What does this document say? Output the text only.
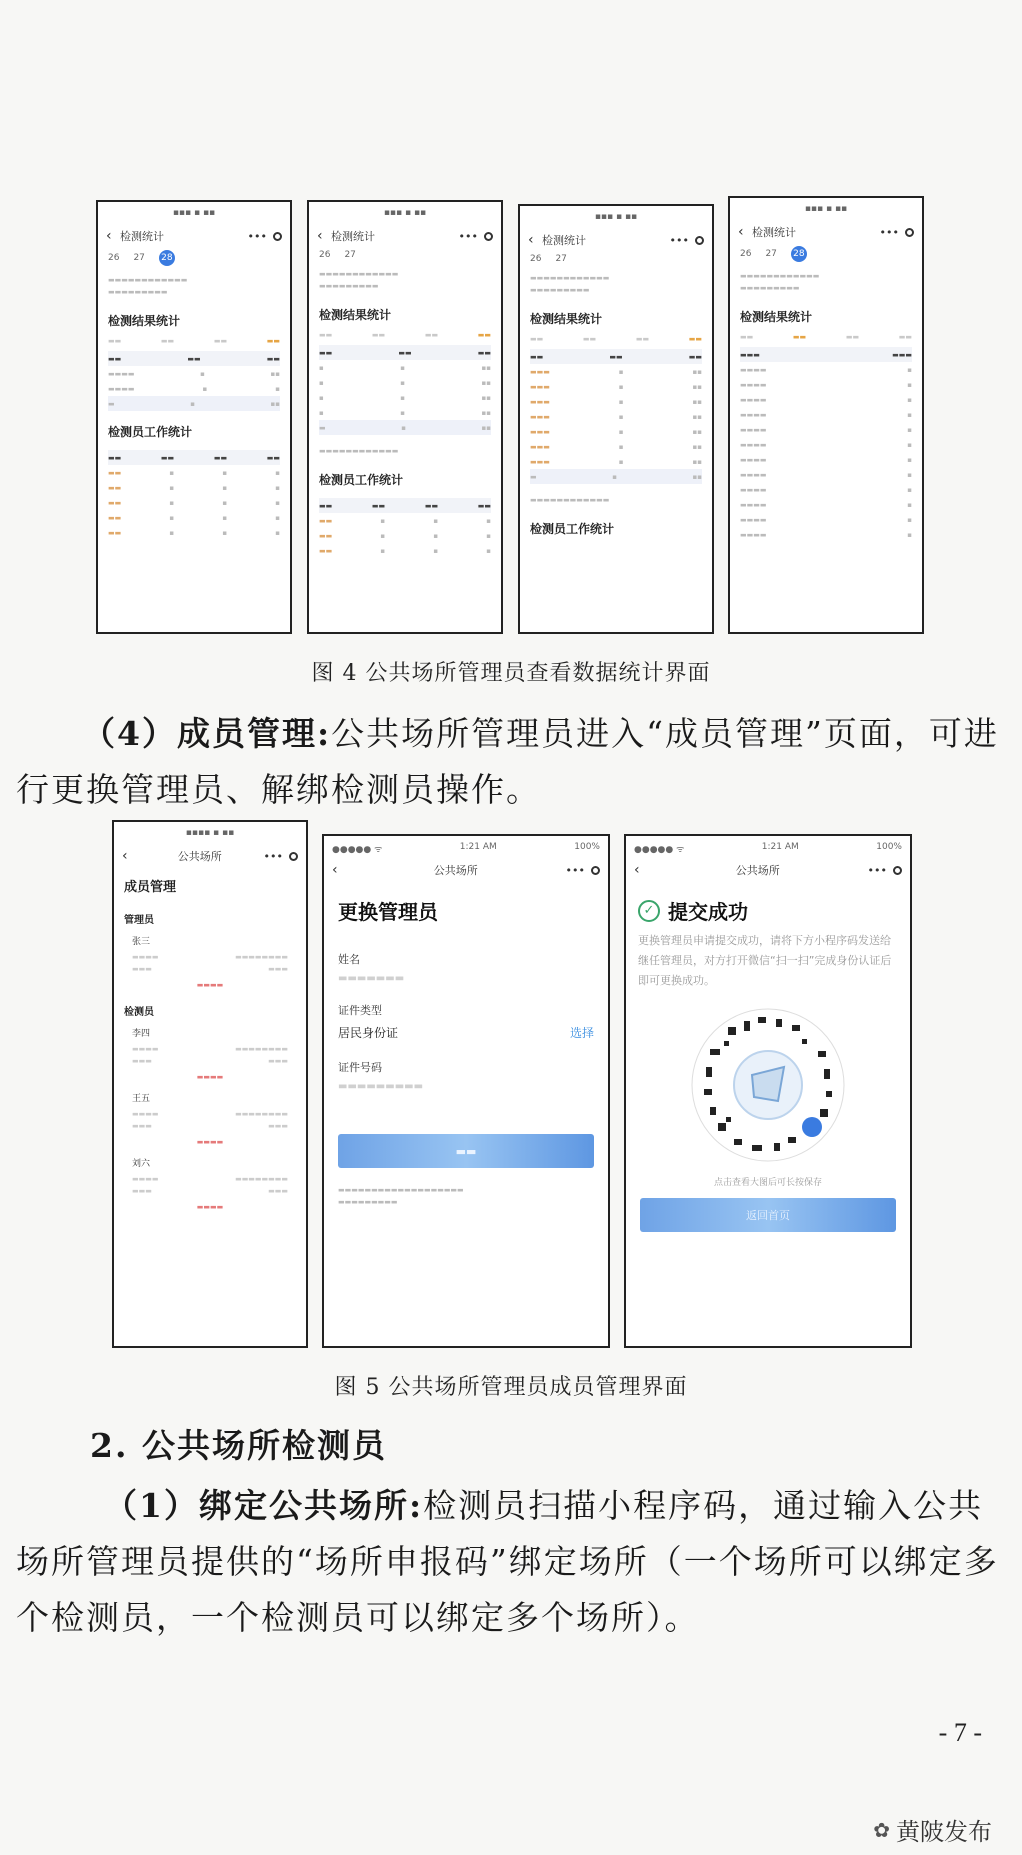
▪▪▪ ▪ ▪▪
‹ 检测统计	•••
26 27 28
▬▬▬▬▬▬▬▬▬▬▬▬
▬▬▬▬▬▬▬▬▬
检测结果统计
▬▬	▬▬	▬▬	▬▬
▬▬	▬▬	▬▬
▬▬▬▬	▪	▪▪
▬▬▬▬	▪	▪
▬	▪	▪▪
检测员工作统计
▬▬	▬▬	▬▬	▬▬
▬▬	▪	▪	▪
▬▬	▪	▪	▪
▬▬	▪	▪	▪
▬▬	▪	▪	▪
▬▬	▪	▪	▪
▪▪▪ ▪ ▪▪
‹ 检测统计	•••
26 27
▬▬▬▬▬▬▬▬▬▬▬▬
▬▬▬▬▬▬▬▬▬
检测结果统计
▬▬	▬▬	▬▬	▬▬
▬▬	▬▬	▬▬
▪	▪	▪▪
▪	▪	▪▪
▪	▪	▪▪
▪	▪	▪▪
▬	▪	▪▪
▬▬▬▬▬▬▬▬▬▬▬▬
检测员工作统计
▬▬	▬▬	▬▬	▬▬
▬▬	▪	▪	▪
▬▬	▪	▪	▪
▬▬	▪	▪	▪
▪▪▪ ▪ ▪▪
‹ 检测统计	•••
26 27
▬▬▬▬▬▬▬▬▬▬▬▬
▬▬▬▬▬▬▬▬▬
检测结果统计
▬▬	▬▬	▬▬	▬▬
▬▬	▬▬	▬▬
▬▬▬	▪	▪▪
▬▬▬	▪	▪▪
▬▬▬	▪	▪▪
▬▬▬	▪	▪▪
▬▬▬	▪	▪▪
▬▬▬	▪	▪▪
▬▬▬	▪	▪▪
▬	▪	▪▪
▬▬▬▬▬▬▬▬▬▬▬▬
检测员工作统计
▪▪▪ ▪ ▪▪
‹ 检测统计	•••
26 27 28
▬▬▬▬▬▬▬▬▬▬▬▬
▬▬▬▬▬▬▬▬▬
检测结果统计
▬▬	▬▬	▬▬	▬▬
▬▬▬	▬▬▬
▬▬▬▬	▪
▬▬▬▬	▪
▬▬▬▬	▪
▬▬▬▬	▪
▬▬▬▬	▪
▬▬▬▬	▪
▬▬▬▬	▪
▬▬▬▬	▪
▬▬▬▬	▪
▬▬▬▬	▪
▬▬▬▬	▪
▬▬▬▬	▪
图 4 公共场所管理员查看数据统计界面
（4）成员管理:公共场所管理员进入“成员管理”页面，可进行更换管理员、解绑检测员操作。
▪▪▪▪ ▪ ▪▪
‹	公共场所	•••
成员管理
管理员
张三
▬▬▬▬	▬▬▬▬▬▬▬▬
▬▬▬	▬▬▬
▬▬▬▬
检测员
李四
▬▬▬▬	▬▬▬▬▬▬▬▬
▬▬▬	▬▬▬
▬▬▬▬
王五
▬▬▬▬	▬▬▬▬▬▬▬▬
▬▬▬	▬▬▬
▬▬▬▬
刘六
▬▬▬▬	▬▬▬▬▬▬▬▬
▬▬▬	▬▬▬
▬▬▬▬
●●●●● ᯤ	1:21 AM	100%
‹	公共场所	•••
更换管理员
姓名
▬▬▬▬▬▬▬
证件类型
居民身份证	选择
证件号码
▬▬▬▬▬▬▬▬▬
▬▬
▬▬▬▬▬▬▬▬▬▬▬▬▬▬▬▬▬▬▬
▬▬▬▬▬▬▬▬▬
●●●●● ᯤ	1:21 AM	100%
‹	公共场所	•••
✓ 提交成功
更换管理员申请提交成功，请将下方小程序码发送给继任管理员，对方打开微信“扫一扫”完成身份认证后即可更换成功。
点击查看大图后可长按保存
返回首页
图 5 公共场所管理员成员管理界面
2. 公共场所检测员
（1）绑定公共场所:检测员扫描小程序码，通过输入公共场所管理员提供的“场所申报码”绑定场所（一个场所可以绑定多个检测员，一个检测员可以绑定多个场所）。
- 7 -
✿ 黄陂发布
